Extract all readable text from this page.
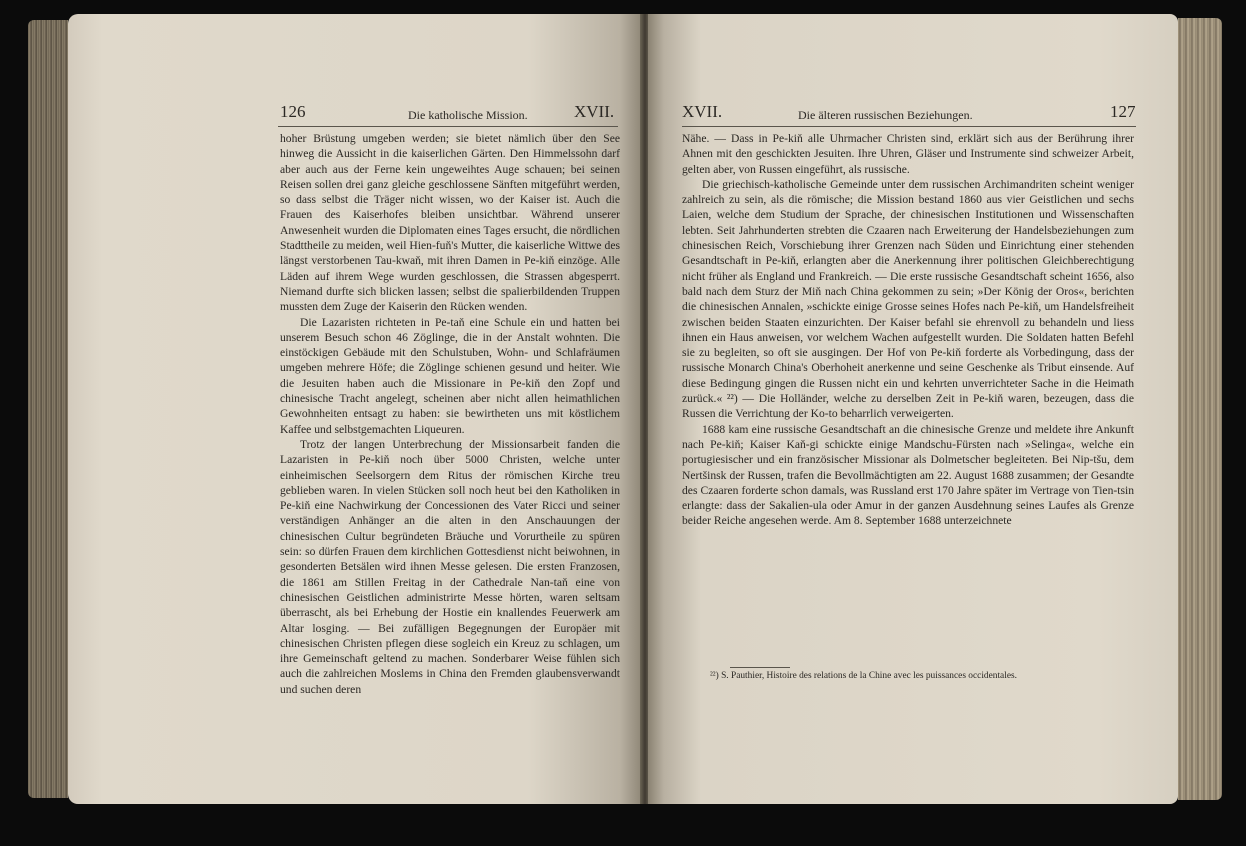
126	Die katholische Mission.	XVII.

hoher Brüstung umgeben werden; sie bietet nämlich über den See hinweg die Aussicht in die kaiserlichen Gärten. Den Himmelssohn darf aber auch aus der Ferne kein ungeweihtes Auge schauen; bei seinen Reisen sollen drei ganz gleiche geschlossene Sänften mitgeführt werden, so dass selbst die Träger nicht wissen, wo der Kaiser ist. Auch die Frauen des Kaiserhofes bleiben unsichtbar. Während unserer Anwesenheit wurden die Diplomaten eines Tages ersucht, die nördlichen Stadttheile zu meiden, weil Hien-fuň's Mutter, die kaiserliche Wittwe des längst verstorbenen Tau-kwaň, mit ihren Damen in Pe-kiň einzöge. Alle Läden auf ihrem Wege wurden geschlossen, die Strassen abgesperrt. Niemand durfte sich blicken lassen; selbst die spalierbildenden Truppen mussten dem Zuge der Kaiserin den Rücken wenden.

Die Lazaristen richteten in Pe-taň eine Schule ein und hatten bei unserem Besuch schon 46 Zöglinge, die in der Anstalt wohnten. Die einstöckigen Gebäude mit den Schulstuben, Wohn- und Schlafräumen umgeben mehrere Höfe; die Zöglinge schienen gesund und heiter. Wie die Jesuiten haben auch die Missionare in Pe-kiň den Zopf und chinesische Tracht angelegt, scheinen aber nicht allen heimathlichen Gewohnheiten entsagt zu haben: sie bewirtheten uns mit köstlichem Kaffee und selbstgemachten Liqueuren.

Trotz der langen Unterbrechung der Missionsarbeit fanden die Lazaristen in Pe-kiň noch über 5000 Christen, welche unter einheimischen Seelsorgern dem Ritus der römischen Kirche treu geblieben waren. In vielen Stücken soll noch heut bei den Katholiken in Pe-kiň eine Nachwirkung der Concessionen des Vater Ricci und seiner verständigen Anhänger an die alten in den Anschauungen der chinesischen Cultur begründeten Bräuche und Vorurtheile zu spüren sein: so dürfen Frauen dem kirchlichen Gottesdienst nicht beiwohnen, in gesonderten Betsälen wird ihnen Messe gelesen. Die ersten Franzosen, die 1861 am Stillen Freitag in der Cathedrale Nan-taň eine von chinesischen Geistlichen administrirte Messe hörten, waren seltsam überrascht, als bei Erhebung der Hostie ein knallendes Feuerwerk am Altar losging. — Bei zufälligen Begegnungen der Europäer mit chinesischen Christen pflegen diese sogleich ein Kreuz zu schlagen, um ihre Gemeinschaft geltend zu machen. Sonderbarer Weise fühlen sich auch die zahlreichen Moslems in China den Fremden glaubensverwandt und suchen deren

XVII.	Die älteren russischen Beziehungen.	127

Nähe. — Dass in Pe-kiň alle Uhrmacher Christen sind, erklärt sich aus der Berührung ihrer Ahnen mit den geschickten Jesuiten. Ihre Uhren, Gläser und Instrumente sind schweizer Arbeit, gelten aber, von Russen eingeführt, als russische.

Die griechisch-katholische Gemeinde unter dem russischen Archimandriten scheint weniger zahlreich zu sein, als die römische; die Mission bestand 1860 aus vier Geistlichen und sechs Laien, welche dem Studium der Sprache, der chinesischen Institutionen und Wissenschaften lebten. Seit Jahrhunderten strebten die Czaaren nach Erweiterung der Handelsbeziehungen zum chinesischen Reich, Vorschiebung ihrer Grenzen nach Süden und Einrichtung einer stehenden Gesandtschaft in Pe-kiň, erlangten aber die Anerkennung ihrer politischen Gleichberechtigung nicht früher als England und Frankreich. — Die erste russische Gesandtschaft scheint 1656, also bald nach dem Sturz der Miň nach China gekommen zu sein; »Der König der Oros«, berichten die chinesischen Annalen, »schickte einige Grosse seines Hofes nach Pe-kiň, um Handelsfreiheit zwischen beiden Staaten einzurichten. Der Kaiser befahl sie ehrenvoll zu behandeln und liess ihnen ein Haus anweisen, vor welchem Wachen aufgestellt wurden. Die Soldaten hatten Befehl sie zu begleiten, so oft sie ausgingen. Der Hof von Pe-kiň forderte als Vorbedingung, dass der russische Monarch China's Oberhoheit anerkenne und seine Geschenke als Tribut einsende. Auf diese Bedingung gingen die Russen nicht ein und kehrten unverrichteter Sache in die Heimath zurück.« ²²) — Die Holländer, welche zu derselben Zeit in Pe-kiň waren, bezeugen, dass die Russen die Verrichtung der Ko-to beharrlich verweigerten.

1688 kam eine russische Gesandtschaft an die chinesische Grenze und meldete ihre Ankunft nach Pe-kiň; Kaiser Kaň-gi schickte einige Mandschu-Fürsten nach »Selinga«, welche ein portugiesischer und ein französischer Missionar als Dolmetscher begleiteten. Bei Nip-tšu, dem Nertšinsk der Russen, trafen die Bevollmächtigten am 22. August 1688 zusammen; der Gesandte des Czaaren forderte schon damals, was Russland erst 170 Jahre später im Vertrage von Tien-tsin erlangte: dass der Sakalien-ula oder Amur in der ganzen Ausdehnung seines Laufes als Grenze beider Reiche angesehen werde. Am 8. September 1688 unterzeichnete

²²) S. Pauthier, Histoire des relations de la Chine avec les puissances occidentales.
